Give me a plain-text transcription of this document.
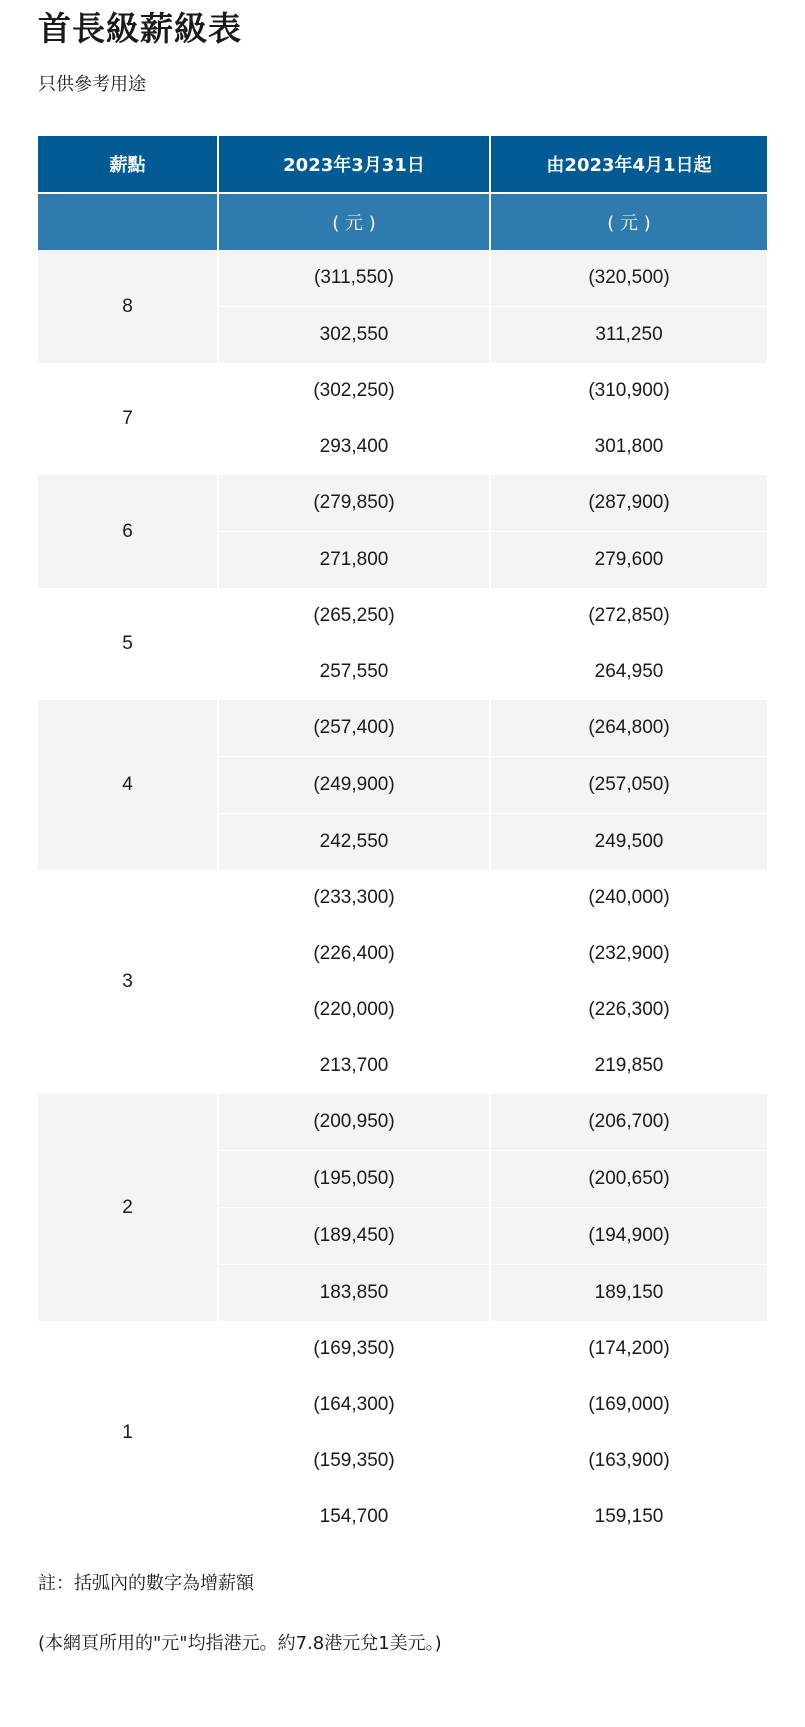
首長級薪級表

只供參考用途

薪點	2023年3月31日	由2023年4月1日起
	( 元 )	( 元 )
8	(311,550)	(320,500)
	302,550	311,250
7	(302,250)	(310,900)
	293,400	301,800
6	(279,850)	(287,900)
	271,800	279,600
5	(265,250)	(272,850)
	257,550	264,950
4	(257,400)	(264,800)
	(249,900)	(257,050)
	242,550	249,500
3	(233,300)	(240,000)
	(226,400)	(232,900)
	(220,000)	(226,300)
	213,700	219,850
2	(200,950)	(206,700)
	(195,050)	(200,650)
	(189,450)	(194,900)
	183,850	189,150
1	(169,350)	(174,200)
	(164,300)	(169,000)
	(159,350)	(163,900)
	154,700	159,150

註：括弧內的數字為增薪額

(本網頁所用的"元"均指港元。約7.8港元兌1美元。)
